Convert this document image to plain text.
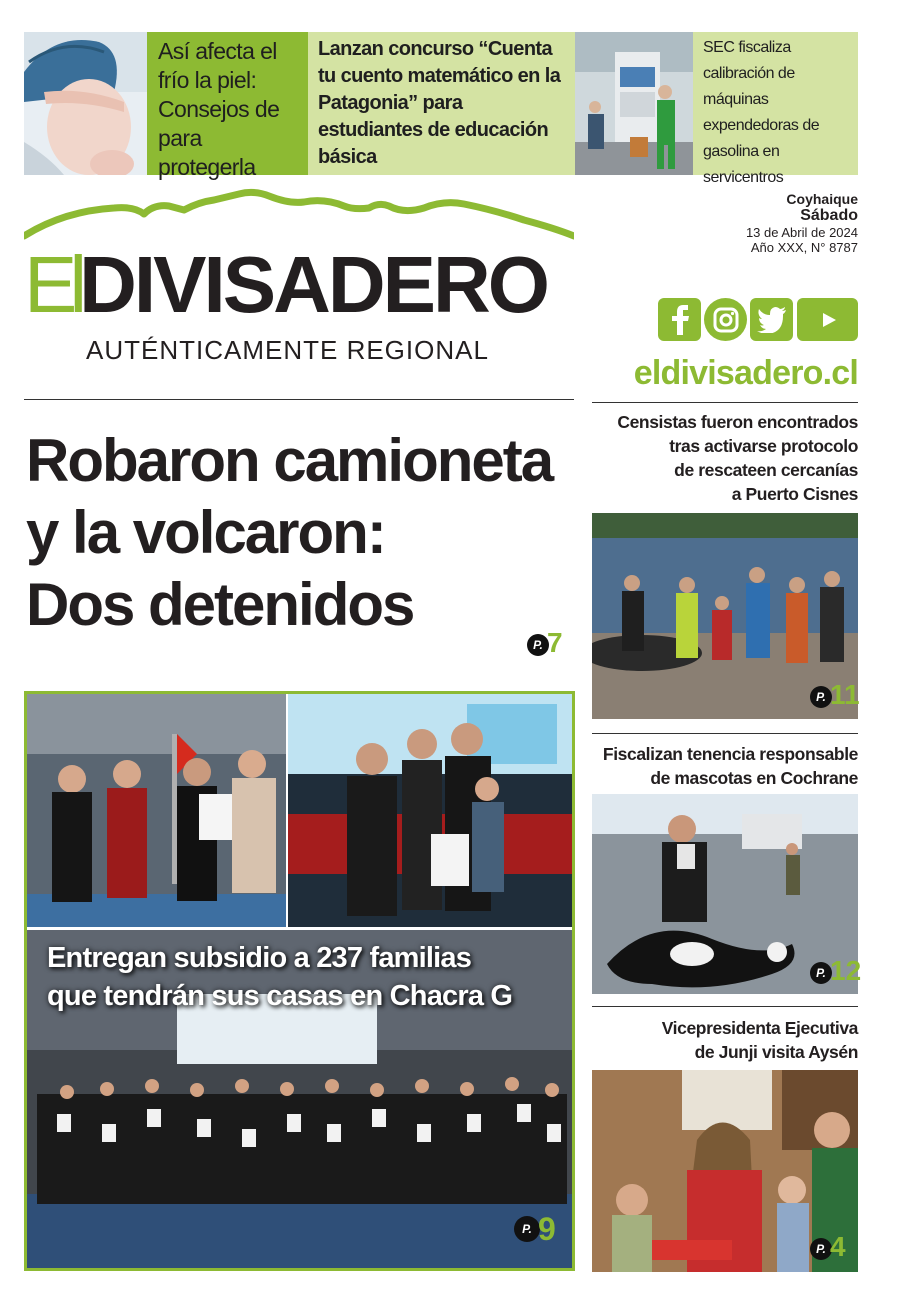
Así afecta el frío la piel: Consejos de para protegerla
Lanzan concurso “Cuenta tu cuento matemático en la Patagonia” para estudiantes de educación básica
SEC fiscaliza calibración de máquinas expendedoras de gasolina en servicentros
ElDIVISADERO
AUTÉNTICAMENTE REGIONAL
Coyhaique
Sábado
13 de Abril de 2024
Año XXX, N° 8787
eldivisadero.cl
Robaron camioneta
y la volcaron:
Dos detenidos
P. 7
Entregan subsidio a 237 familias
que tendrán sus casas en Chacra G
P. 9
Censistas fueron encontrados
tras activarse protocolo
de rescateen cercanías
a Puerto Cisnes
P. 11
Fiscalizan tenencia responsable
de mascotas en Cochrane
P. 12
Vicepresidenta Ejecutiva
de Junji visita Aysén
P. 4
